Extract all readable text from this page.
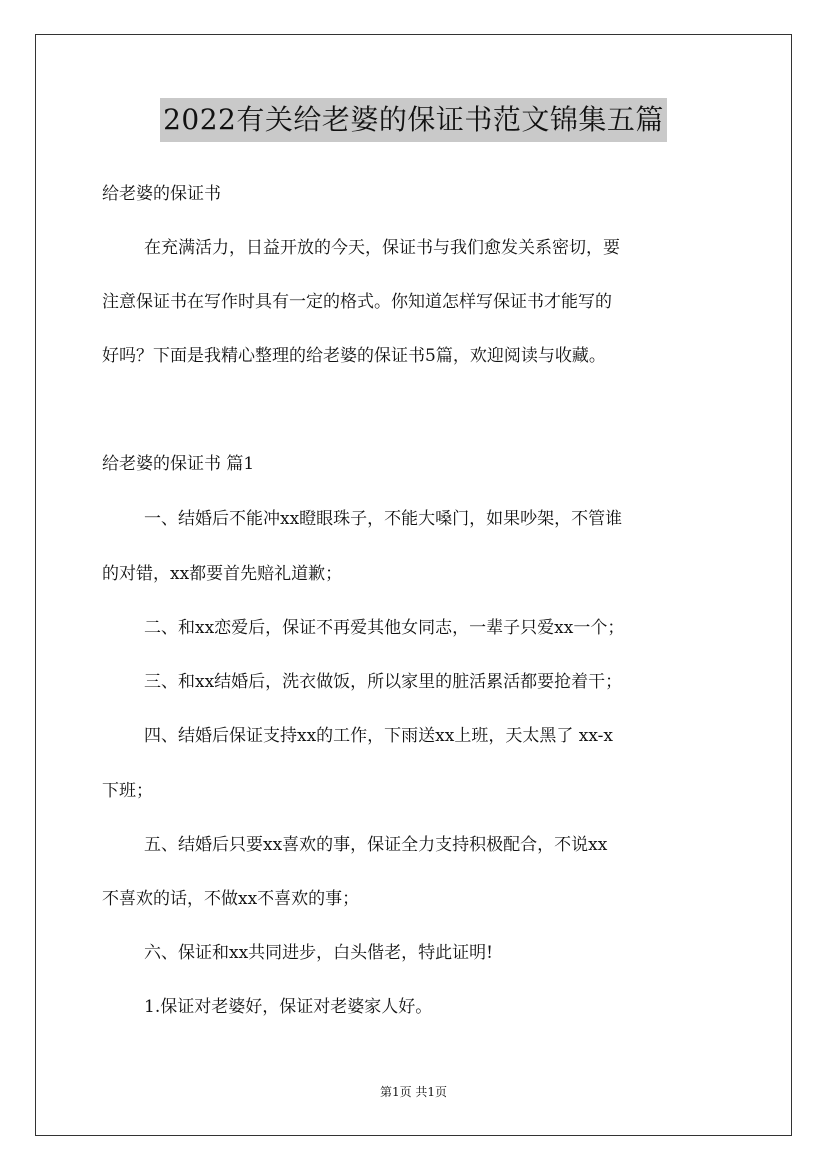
2022有关给老婆的保证书范文锦集五篇
给老婆的保证书
在充满活力，日益开放的今天，保证书与我们愈发关系密切，要
注意保证书在写作时具有一定的格式。你知道怎样写保证书才能写的
好吗？下面是我精心整理的给老婆的保证书5篇，欢迎阅读与收藏。
给老婆的保证书 篇1
一、结婚后不能冲xx瞪眼珠子，不能大嗓门，如果吵架，不管谁
的对错，xx都要首先赔礼道歉；
二、和xx恋爱后，保证不再爱其他女同志，一辈子只爱xx一个；
三、和xx结婚后，洗衣做饭，所以家里的脏活累活都要抢着干；
四、结婚后保证支持xx的工作，下雨送xx上班，天太黑了 xx-x
下班；
五、结婚后只要xx喜欢的事，保证全力支持积极配合，不说xx
不喜欢的话，不做xx不喜欢的事；
六、保证和xx共同进步，白头偕老，特此证明!
1.保证对老婆好，保证对老婆家人好。
第1页 共1页
